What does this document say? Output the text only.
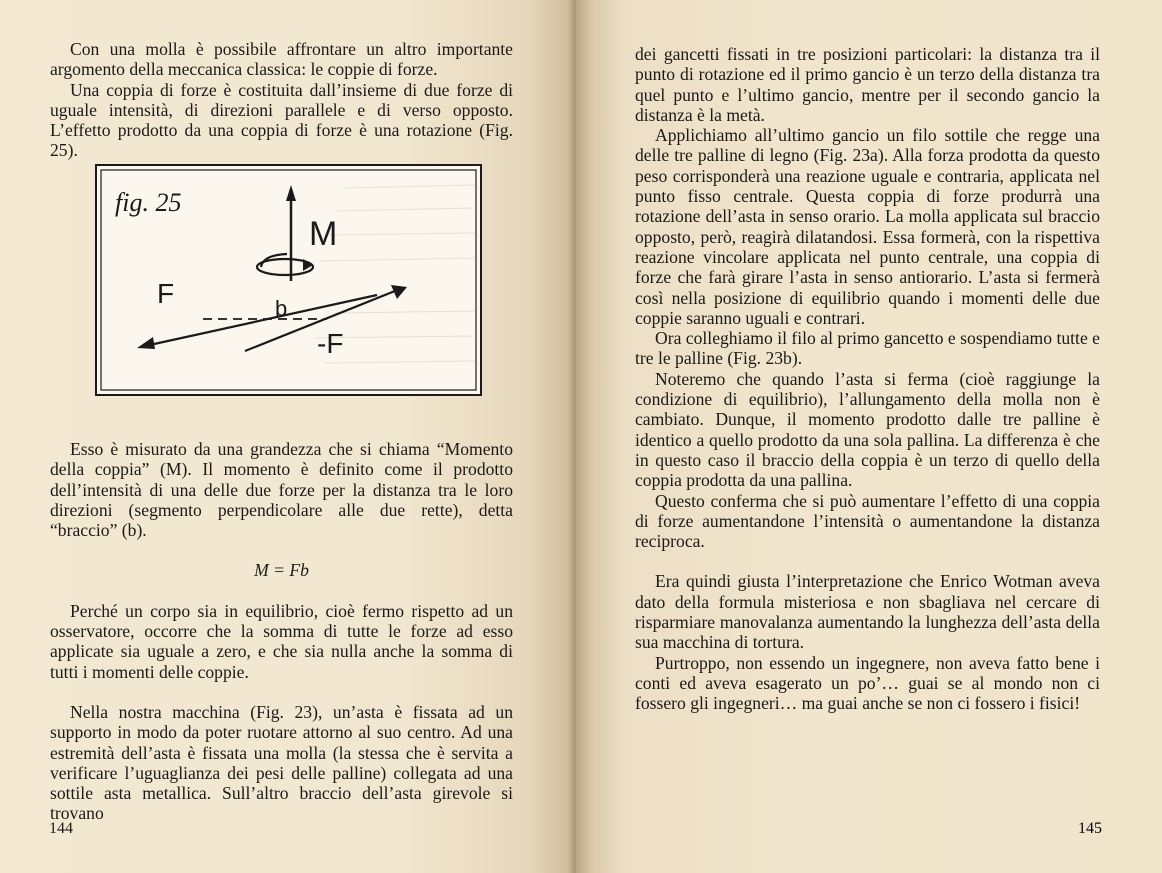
Con una molla è possibile affrontare un altro importante argomento della meccanica classica: le coppie di forze.

Una coppia di forze è costituita dall’insieme di due forze di uguale intensità, di direzioni parallele e di verso opposto. L’effetto prodotto da una coppia di forze è una rotazione (Fig. 25).

fig. 25
M
F
-F
b

Esso è misurato da una grandezza che si chiama “Momento della coppia” (M). Il momento è definito come il prodotto dell’intensità di una delle due forze per la distanza tra le loro direzioni (segmento perpendicolare alle due rette), detta “braccio” (b).

M = Fb

Perché un corpo sia in equilibrio, cioè fermo rispetto ad un osservatore, occorre che la somma di tutte le forze ad esso applicate sia uguale a zero, e che sia nulla anche la somma di tutti i momenti delle coppie.

Nella nostra macchina (Fig. 23), un’asta è fissata ad un supporto in modo da poter ruotare attorno al suo centro. Ad una estremità dell’asta è fissata una molla (la stessa che è servita a verificare l’uguaglianza dei pesi delle palline) collegata ad una sottile asta metallica. Sull’altro braccio dell’asta girevole si trovano

144

dei gancetti fissati in tre posizioni particolari: la distanza tra il punto di rotazione ed il primo gancio è un terzo della distanza tra quel punto e l’ultimo gancio, mentre per il secondo gancio la distanza è la metà.

Applichiamo all’ultimo gancio un filo sottile che regge una delle tre palline di legno (Fig. 23a). Alla forza prodotta da questo peso corrisponderà una reazione uguale e contraria, applicata nel punto fisso centrale. Questa coppia di forze produrrà una rotazione dell’asta in senso orario. La molla applicata sul braccio opposto, però, reagirà dilatandosi. Essa formerà, con la rispettiva reazione vincolare applicata nel punto centrale, una coppia di forze che farà girare l’asta in senso antiorario. L’asta si fermerà così nella posizione di equilibrio quando i momenti delle due coppie saranno uguali e contrari.

Ora colleghiamo il filo al primo gancetto e sospendiamo tutte e tre le palline (Fig. 23b).

Noteremo che quando l’asta si ferma (cioè raggiunge la condizione di equilibrio), l’allungamento della molla non è cambiato. Dunque, il momento prodotto dalle tre palline è identico a quello prodotto da una sola pallina. La differenza è che in questo caso il braccio della coppia è un terzo di quello della coppia prodotta da una pallina.

Questo conferma che si può aumentare l’effetto di una coppia di forze aumentandone l’intensità o aumentandone la distanza reciproca.

Era quindi giusta l’interpretazione che Enrico Wotman aveva dato della formula misteriosa e non sbagliava nel cercare di risparmiare manovalanza aumentando la lunghezza dell’asta della sua macchina di tortura.

Purtroppo, non essendo un ingegnere, non aveva fatto bene i conti ed aveva esagerato un po’… guai se al mondo non ci fossero gli ingegneri… ma guai anche se non ci fossero i fisici!

145
